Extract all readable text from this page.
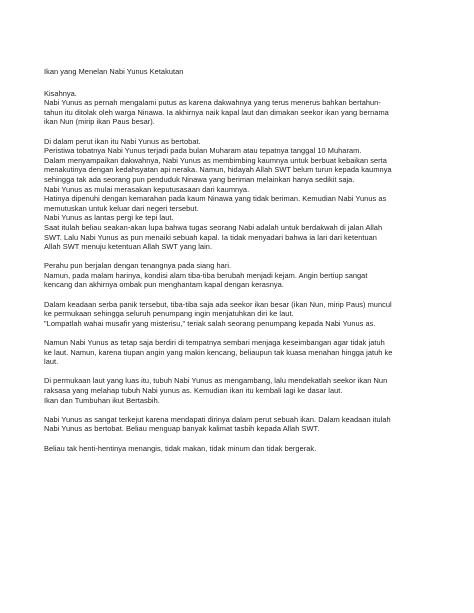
Ikan yang Menelan Nabi Yunus Ketakutan
Kisahnya.
Nabi Yunus as pernah mengalami putus as karena dakwahnya yang terus menerus bahkan bertahun-
tahun itu ditolak oleh warga Ninawa. Ia akhirnya naik kapal laut dan dimakan seekor ikan yang bernama
ikan Nun (mirip ikan Paus besar).
Di dalam perut ikan itu Nabi Yunus as bertobat.
Peristiwa tobatnya Nabi Yunus terjadi pada bulan Muharam atau tepatnya tanggal 10 Muharam.
Dalam menyampaikan dakwahnya, Nabi Yunus as membimbing kaumnya untuk berbuat kebaikan serta
menakutinya dengan kedahsyatan api neraka. Namun, hidayah Allah SWT belum turun kepada kaumnya
sehingga tak ada seorang pun penduduk Ninawa yang beriman melainkan hanya sedikit saja.
Nabi Yunus as mulai merasakan keputusasaan dari kaumnya.
Hatinya dipenuhi dengan kemarahan pada kaum Ninawa yang tidak beriman. Kemudian Nabi Yunus as
memutuskan untuk keluar dari negeri tersebut.
Nabi Yunus as lantas pergi ke tepi laut.
Saat itulah beliau seakan-akan lupa bahwa tugas seorang Nabi adalah untuk berdakwah di jalan Allah
SWT. Lalu Nabi Yunus as pun menaiki sebuah kapal. Ia tidak menyadari bahwa ia lari dari ketentuan
Allah SWT menuju ketentuan Allah SWT yang lain.
Perahu pun berjalan dengan tenangnya pada siang hari.
Namun, pada malam harinya, kondisi alam tiba-tiba berubah menjadi kejam. Angin bertiup sangat
kencang dan akhirnya ombak pun menghantam kapal dengan kerasnya.
Dalam keadaan serba panik tersebut, tiba-tiba saja ada seekor ikan besar (ikan Nun, mirip Paus) muncul
ke permukaan sehingga seluruh penumpang ingin menjatuhkan diri ke laut.
"Lompatlah wahai musafir yang misterisu," teriak salah seorang penumpang kepada Nabi Yunus as.
Namun Nabi Yunus as tetap saja berdiri di tempatnya sembari menjaga keseimbangan agar tidak jatuh
ke laut. Namun, karena tiupan angin yang makin kencang, beliaupun tak kuasa menahan hingga jatuh ke
laut.
Di permukaan laut yang luas itu, tubuh Nabi Yunus as mengambang, lalu mendekatlah seekor ikan Nun
raksasa yang melahap tubuh Nabi yunus as. Kemudian ikan itu kembali lagi ke dasar laut.
Ikan dan Tumbuhan ikut Bertasbih.
Nabi Yunus as sangat terkejut karena mendapati dirinya dalam perut sebuah ikan. Dalam keadaan itulah
Nabi Yunus as bertobat. Beliau menguap banyak kalimat tasbih kepada Allah SWT.
Beliau tak henti-hentinya menangis, tidak makan, tidak minum dan tidak bergerak.
